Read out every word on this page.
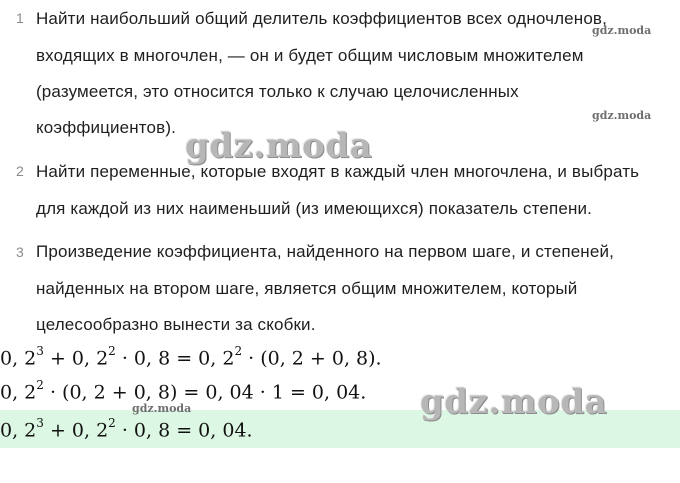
1 Найти наибольший общий делитель коэффициентов всех одночленов,
входящих в многочлен, — он и будет общим числовым множителем
(разумеется, это относится только к случаю целочисленных
коэффициентов).
2 Найти переменные, которые входят в каждый член многочлена, и выбрать
для каждой из них наименьший (из имеющихся) показатель степени.
3 Произведение коэффициента, найденного на первом шаге, и степеней,
найденных на втором шаге, является общим множителем, который
целесообразно вынести за скобки.
0, $2^3 + 0$, $2^2 \cdot 0$, 8 = 0, $2^2 \cdot (0$, 2 + 0, 8).
0, $2^2 \cdot (0$, 2 + 0, 8) = 0, 04 · 1 = 0, 04.
0, $2^3 + 0$, $2^2 \cdot 0$, 8 = 0, 04.
gdz.moda
gdz.moda
gdz.moda
gdz.moda
gdz.moda
